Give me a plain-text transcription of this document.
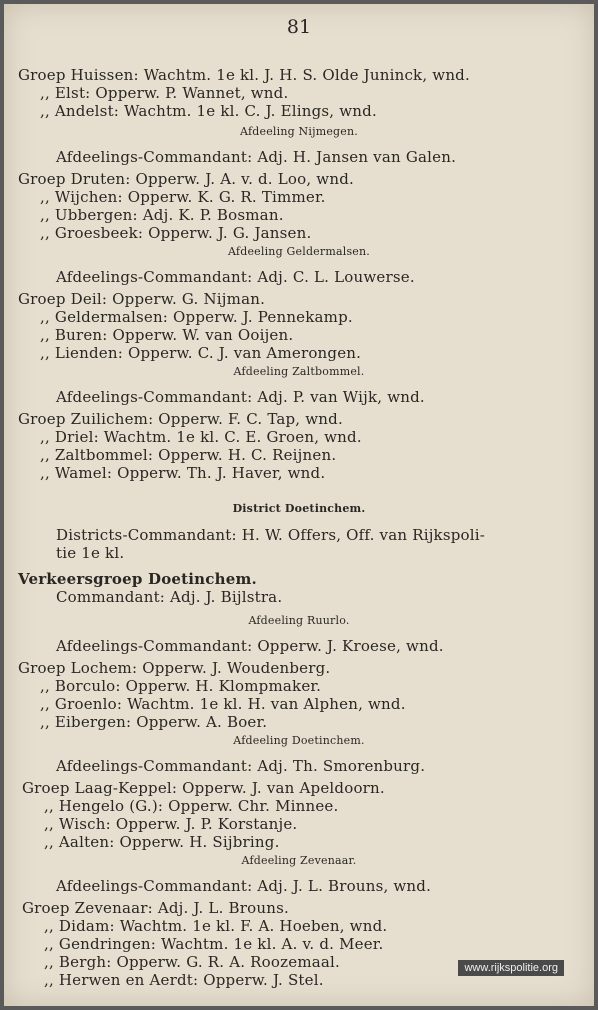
81
Groep Huissen: Wachtm. 1e kl. J. H. S. Olde Juninck, wnd.
,, Elst: Opperw. P. Wannet, wnd.
,, Andelst: Wachtm. 1e kl. C. J. Elings, wnd.
Afdeeling Nijmegen.
Afdeelings-Commandant: Adj. H. Jansen van Galen.
Groep Druten: Opperw. J. A. v. d. Loo, wnd.
,, Wijchen: Opperw. K. G. R. Timmer.
,, Ubbergen: Adj. K. P. Bosman.
,, Groesbeek: Opperw. J. G. Jansen.
Afdeeling Geldermalsen.
Afdeelings-Commandant: Adj. C. L. Louwerse.
Groep Deil: Opperw. G. Nijman.
,, Geldermalsen: Opperw. J. Pennekamp.
,, Buren: Opperw. W. van Ooijen.
,, Lienden: Opperw. C. J. van Amerongen.
Afdeeling Zaltbommel.
Afdeelings-Commandant: Adj. P. van Wijk, wnd.
Groep Zuilichem: Opperw. F. C. Tap, wnd.
,, Driel: Wachtm. 1e kl. C. E. Groen, wnd.
,, Zaltbommel: Opperw. H. C. Reijnen.
,, Wamel: Opperw. Th. J. Haver, wnd.
District Doetinchem.
Districts-Commandant: H. W. Offers, Off. van Rijkspoli-
tie 1e kl.
Verkeersgroep Doetinchem.
Commandant: Adj. J. Bijlstra.
Afdeeling Ruurlo.
Afdeelings-Commandant: Opperw. J. Kroese, wnd.
Groep Lochem: Opperw. J. Woudenberg.
,, Borculo: Opperw. H. Klompmaker.
,, Groenlo: Wachtm. 1e kl. H. van Alphen, wnd.
,, Eibergen: Opperw. A. Boer.
Afdeeling Doetinchem.
Afdeelings-Commandant: Adj. Th. Smorenburg.
Groep Laag-Keppel: Opperw. J. van Apeldoorn.
,, Hengelo (G.): Opperw. Chr. Minnee.
,, Wisch: Opperw. J. P. Korstanje.
,, Aalten: Opperw. H. Sijbring.
Afdeeling Zevenaar.
Afdeelings-Commandant: Adj. J. L. Brouns, wnd.
Groep Zevenaar: Adj. J. L. Brouns.
,, Didam: Wachtm. 1e kl. F. A. Hoeben, wnd.
,, Gendringen: Wachtm. 1e kl. A. v. d. Meer.
,, Bergh: Opperw. G. R. A. Roozemaal.
,, Herwen en Aerdt: Opperw. J. Stel.
www.rijkspolitie.org
